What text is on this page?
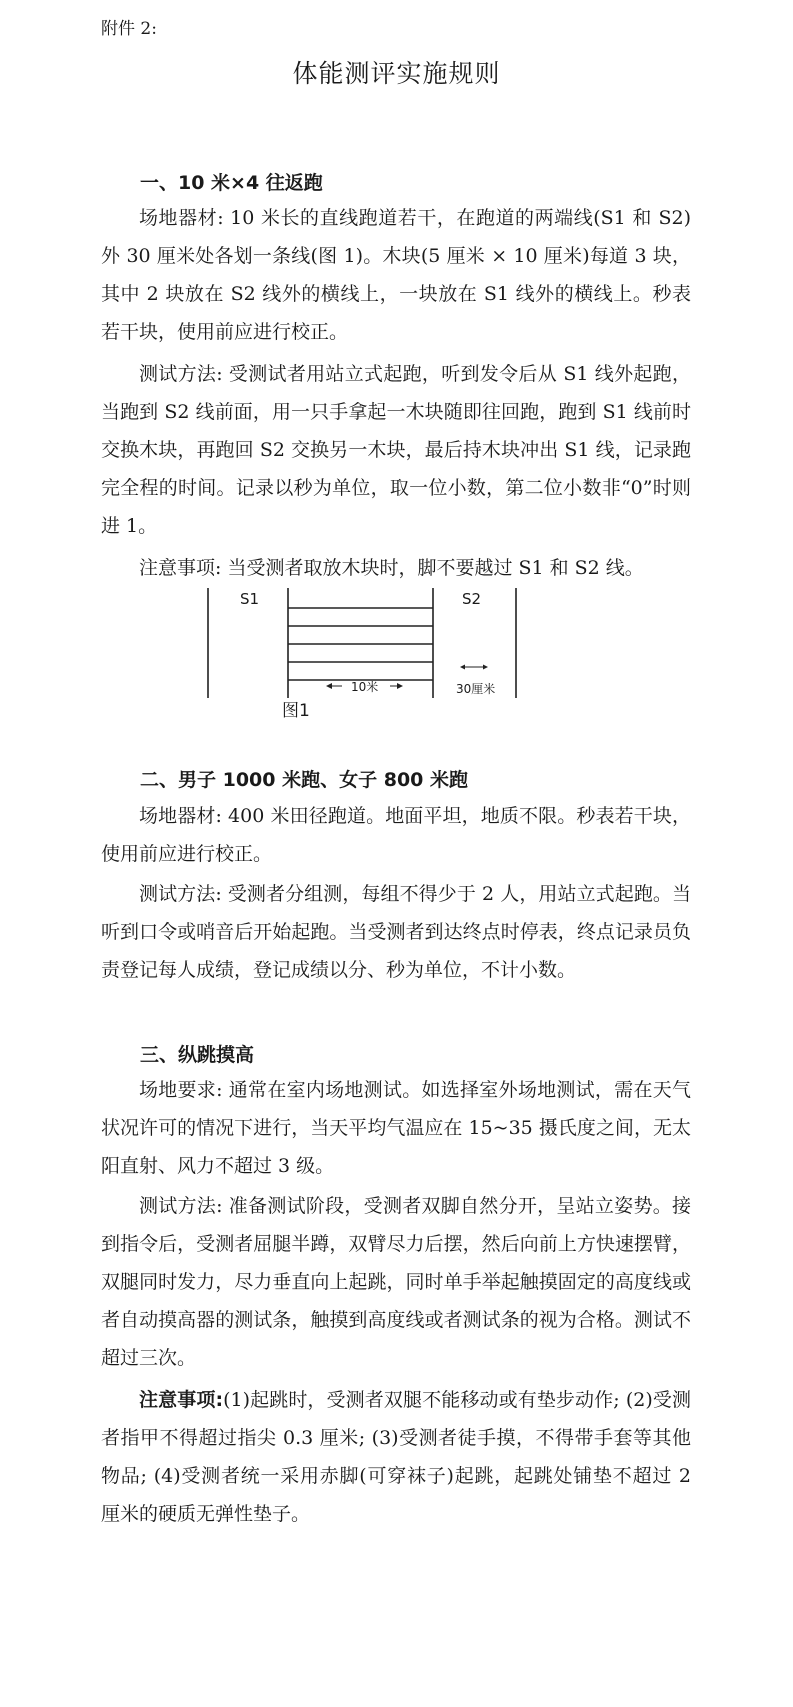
附件 2:
体能测评实施规则
一、10 米×4 往返跑

场地器材: 10 米长的直线跑道若干，在跑道的两端线(S1 和 S2)外 30 厘米处各划一条线(图 1)。木块(5 厘米 × 10 厘米)每道 3 块，其中 2 块放在 S2 线外的横线上，一块放在 S1 线外的横线上。秒表若干块，使用前应进行校正。

测试方法: 受测试者用站立式起跑，听到发令后从 S1 线外起跑，当跑到 S2 线前面，用一只手拿起一木块随即往回跑，跑到 S1 线前时交换木块，再跑回 S2 交换另一木块，最后持木块冲出 S1 线，记录跑完全程的时间。记录以秒为单位，取一位小数，第二位小数非“0”时则进 1。

注意事项: 当受测者取放木块时，脚不要越过 S1 和 S2 线。

S1	S2
10米	30厘米
图1
二、男子 1000 米跑、女子 800 米跑

场地器材: 400 米田径跑道。地面平坦，地质不限。秒表若干块，使用前应进行校正。

测试方法: 受测者分组测，每组不得少于 2 人，用站立式起跑。当听到口令或哨音后开始起跑。当受测者到达终点时停表，终点记录员负责登记每人成绩，登记成绩以分、秒为单位，不计小数。

三、纵跳摸高

场地要求: 通常在室内场地测试。如选择室外场地测试，需在天气状况许可的情况下进行，当天平均气温应在 15~35 摄氏度之间，无太阳直射、风力不超过 3 级。

测试方法: 准备测试阶段，受测者双脚自然分开，呈站立姿势。接到指令后，受测者屈腿半蹲，双臂尽力后摆，然后向前上方快速摆臂，双腿同时发力，尽力垂直向上起跳，同时单手举起触摸固定的高度线或者自动摸高器的测试条，触摸到高度线或者测试条的视为合格。测试不超过三次。

注意事项:(1)起跳时，受测者双腿不能移动或有垫步动作; (2)受测者指甲不得超过指尖 0.3 厘米; (3)受测者徒手摸，不得带手套等其他物品; (4)受测者统一采用赤脚(可穿袜子)起跳，起跳处铺垫不超过 2 厘米的硬质无弹性垫子。
